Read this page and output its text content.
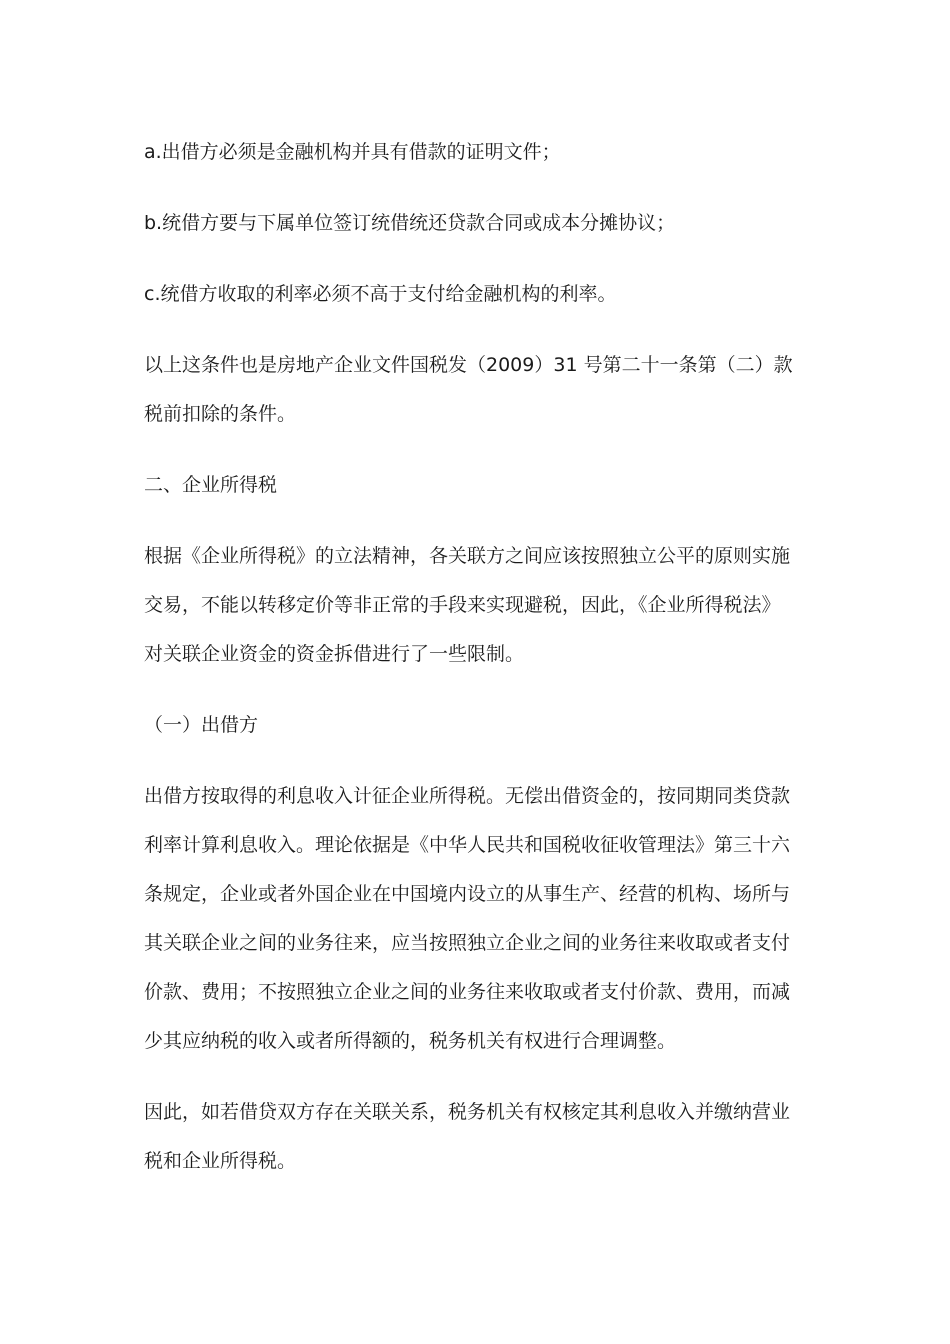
a.出借方必须是金融机构并具有借款的证明文件；

b.统借方要与下属单位签订统借统还贷款合同或成本分摊协议；

c.统借方收取的利率必须不高于支付给金融机构的利率。

以上这条件也是房地产企业文件国税发（2009）31 号第二十一条第（二）款
税前扣除的条件。

二、企业所得税

根据《企业所得税》的立法精神，各关联方之间应该按照独立公平的原则实施
交易，不能以转移定价等非正常的手段来实现避税，因此，《企业所得税法》
对关联企业资金的资金拆借进行了一些限制。

（一）出借方

出借方按取得的利息收入计征企业所得税。无偿出借资金的，按同期同类贷款
利率计算利息收入。理论依据是《中华人民共和国税收征收管理法》第三十六
条规定，企业或者外国企业在中国境内设立的从事生产、经营的机构、场所与
其关联企业之间的业务往来，应当按照独立企业之间的业务往来收取或者支付
价款、费用；不按照独立企业之间的业务往来收取或者支付价款、费用，而减
少其应纳税的收入或者所得额的，税务机关有权进行合理调整。

因此，如若借贷双方存在关联关系，税务机关有权核定其利息收入并缴纳营业
税和企业所得税。
